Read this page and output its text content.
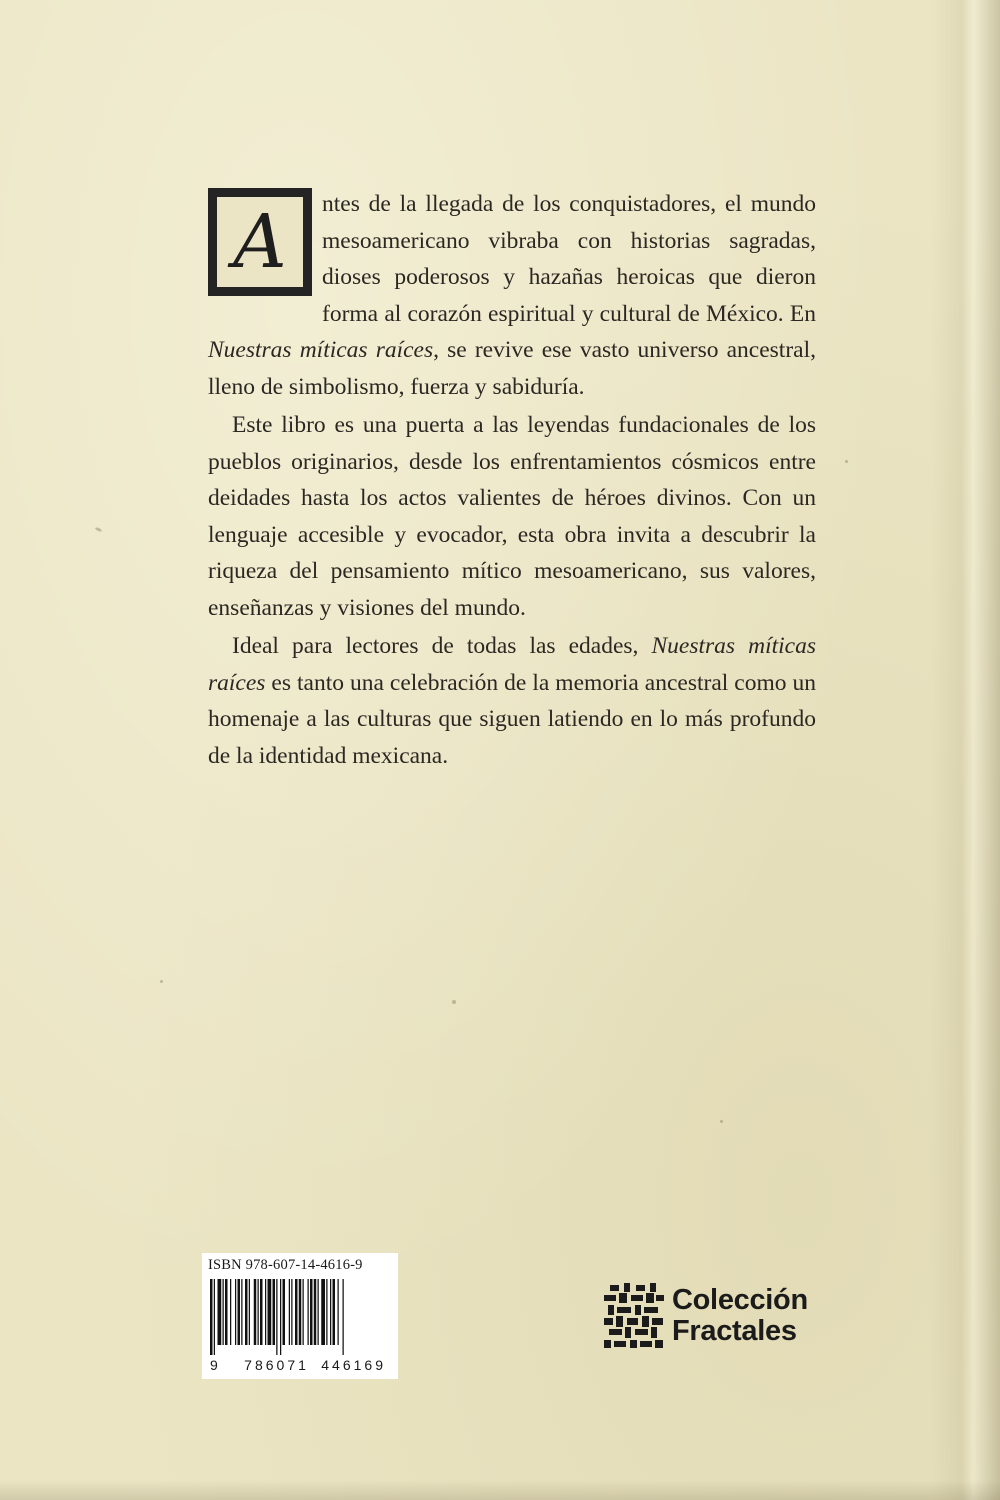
A ntes de la llegada de los conquistadores, el mundo mesoamericano vibraba con historias sagradas, dioses poderosos y hazañas heroicas que dieron forma al corazón espiritual y cultural de México. En Nuestras míticas raíces, se revive ese vasto universo ancestral, lleno de simbolismo, fuerza y sabiduría.

Este libro es una puerta a las leyendas fundacionales de los pueblos originarios, desde los enfrentamientos cósmicos entre deidades hasta los actos valientes de héroes divinos. Con un lenguaje accesible y evocador, esta obra invita a descubrir la riqueza del pensamiento mítico mesoamericano, sus valores, enseñanzas y visiones del mundo.

Ideal para lectores de todas las edades, Nuestras míticas raíces es tanto una celebración de la memoria ancestral como un homenaje a las culturas que siguen latiendo en lo más profundo de la identidad mexicana.

ISBN 978-607-14-4616-9
9 786071 446169
Colección
Fractales
